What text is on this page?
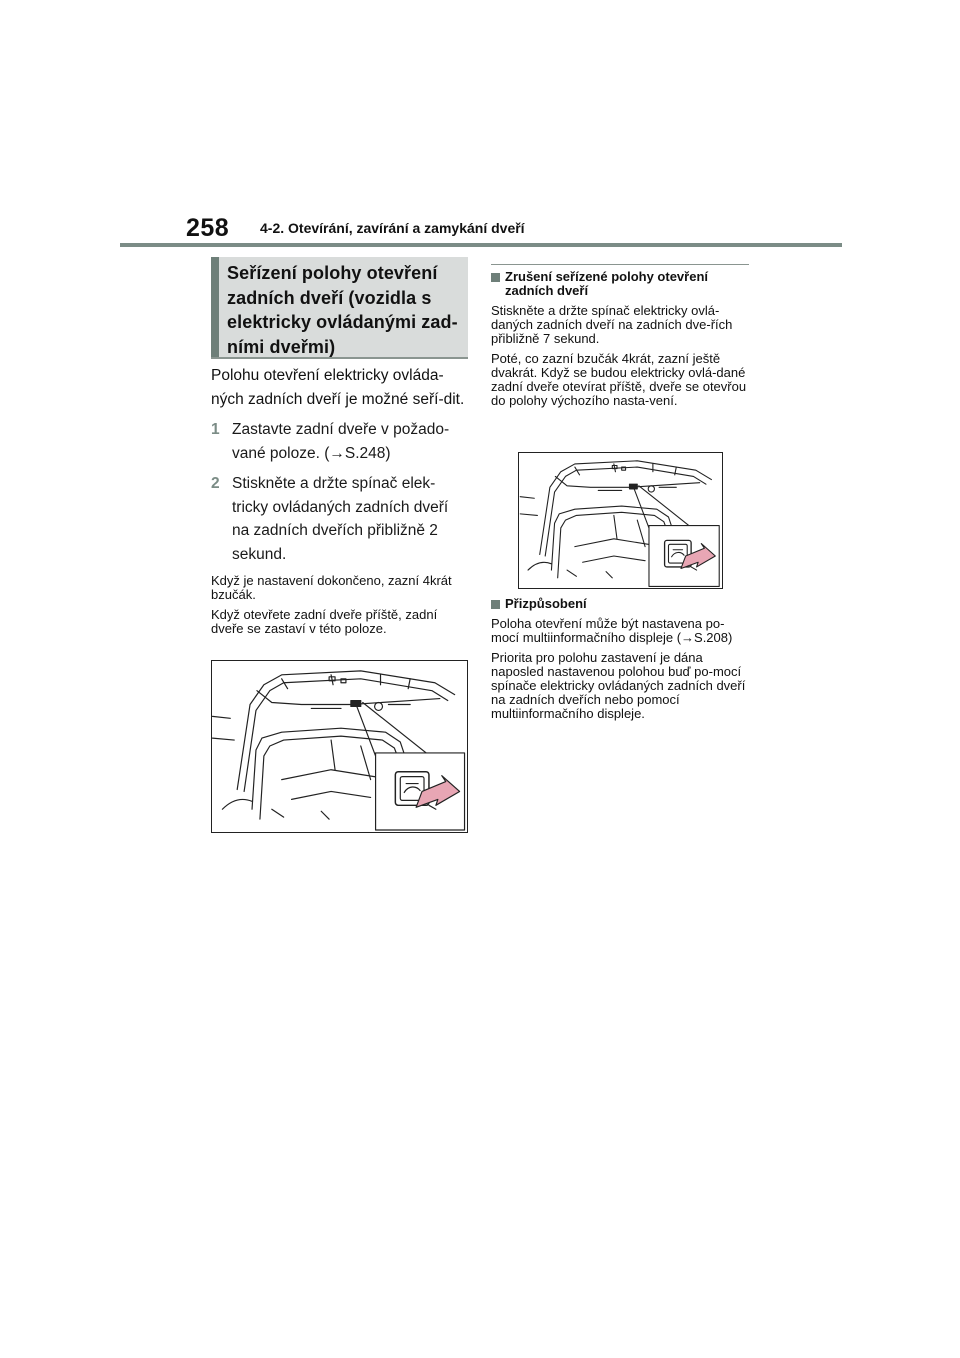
258 4-2. Otevírání, zavírání a zamykání dveří
Seřízení polohy otevření zadních dveří (vozidla s elektricky ovládanými zad-ními dveřmi)

Polohu otevření elektricky ovláda-ných zadních dveří je možné seří-dit.

1 Zastavte zadní dveře v požado-vané poloze. (→S.248)
2 Stiskněte a držte spínač elek-tricky ovládaných zadních dveří na zadních dveřích přibližně 2 sekund.

Když je nastavení dokončeno, zazní 4krát bzučák.

Když otevřete zadní dveře příště, zadní dveře se zastaví v této poloze.

Zrušení seřízené polohy otevření zadních dveří

Stiskněte a držte spínač elektricky ovlá-daných zadních dveří na zadních dve-řích přibližně 7 sekund.

Poté, co zazní bzučák 4krát, zazní ještě dvakrát. Když se budou elektricky ovlá-dané zadní dveře otevírat příště, dveře se otevřou do polohy výchozího nasta-vení.

Přizpůsobení

Poloha otevření může být nastavena po-mocí multiinformačního displeje (→S.208)

Priorita pro polohu zastavení je dána naposled nastavenou polohou buď po-mocí spínače elektricky ovládaných zadních dveří na zadních dveřích nebo pomocí multiinformačního displeje.
